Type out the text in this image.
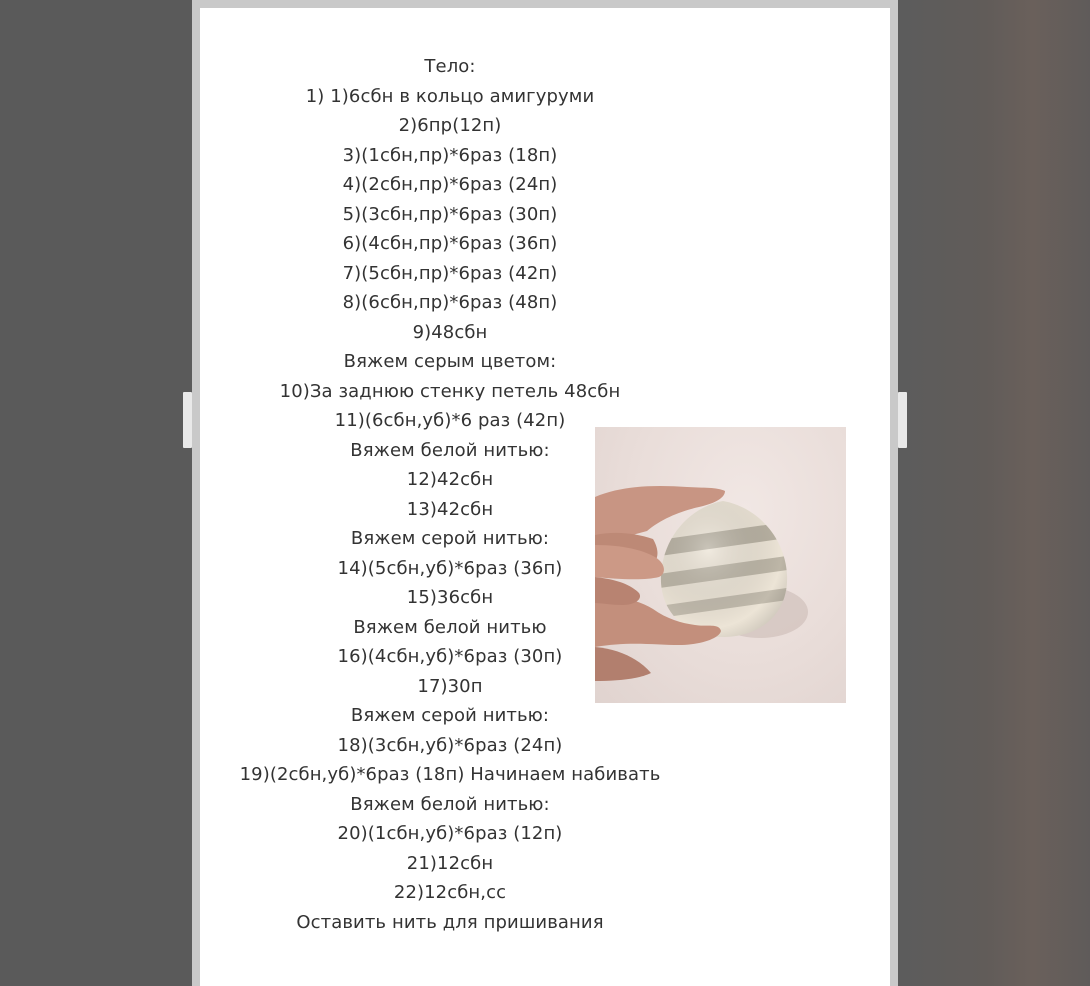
Тело:
1) 1)6сбн в кольцо амигуруми
2)6пр(12п)
3)(1сбн,пр)*6раз (18п)
4)(2сбн,пр)*6раз (24п)
5)(3сбн,пр)*6раз (30п)
6)(4сбн,пр)*6раз (36п)
7)(5сбн,пр)*6раз (42п)
8)(6сбн,пр)*6раз (48п)
9)48сбн
Вяжем серым цветом:
10)За заднюю стенку петель 48сбн
11)(6сбн,уб)*6 раз (42п)
Вяжем белой нитью:
12)42сбн
13)42сбн
Вяжем серой нитью:
14)(5сбн,уб)*6раз (36п)
15)36сбн
Вяжем белой нитью
16)(4сбн,уб)*6раз (30п)
17)30п
Вяжем серой нитью:
18)(3сбн,уб)*6раз (24п)
19)(2сбн,уб)*6раз (18п) Начинаем набивать
Вяжем белой нитью:
20)(1сбн,уб)*6раз (12п)
21)12сбн
22)12сбн,сс
Оставить нить для пришивания
